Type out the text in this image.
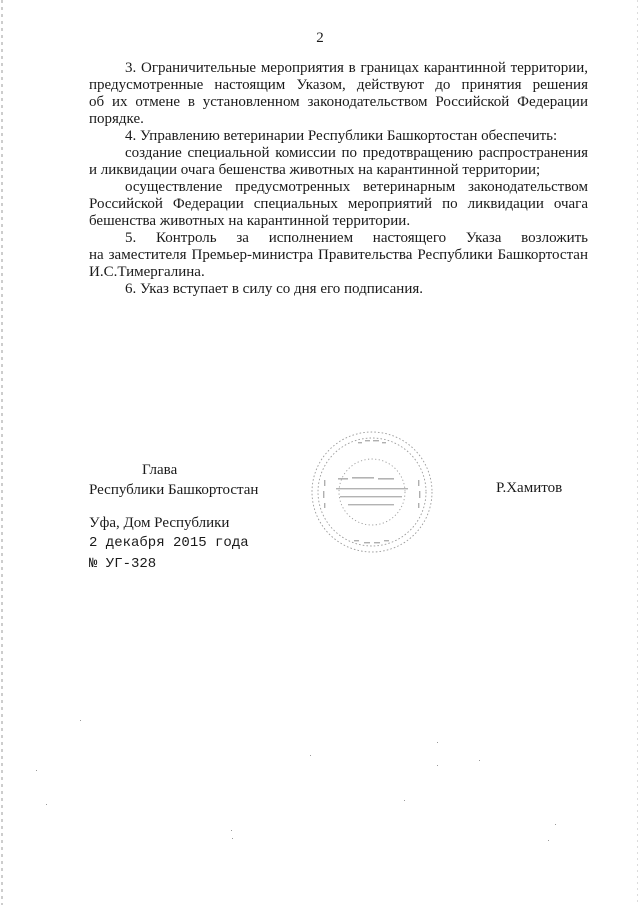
2
3. Ограничительные мероприятия в границах карантинной территории,
предусмотренные настоящим Указом, действуют до принятия решения
об их отмене в установленном законодательством Российской Федерации
порядке.
4. Управлению ветеринарии Республики Башкортостан обеспечить:
создание специальной комиссии по предотвращению распространения
и ликвидации очага бешенства животных на карантинной территории;
осуществление предусмотренных ветеринарным законодательством
Российской Федерации специальных мероприятий по ликвидации очага
бешенства животных на карантинной территории.
5. Контроль за исполнением настоящего Указа возложить
на заместителя Премьер-министра Правительства Республики Башкортостан
И.С.Тимергалина.
6. Указ вступает в силу со дня его подписания.
Глава
Республики Башкортостан	Р.Хамитов
Уфа, Дом Республики
2 декабря 2015 года
№ УГ-328
